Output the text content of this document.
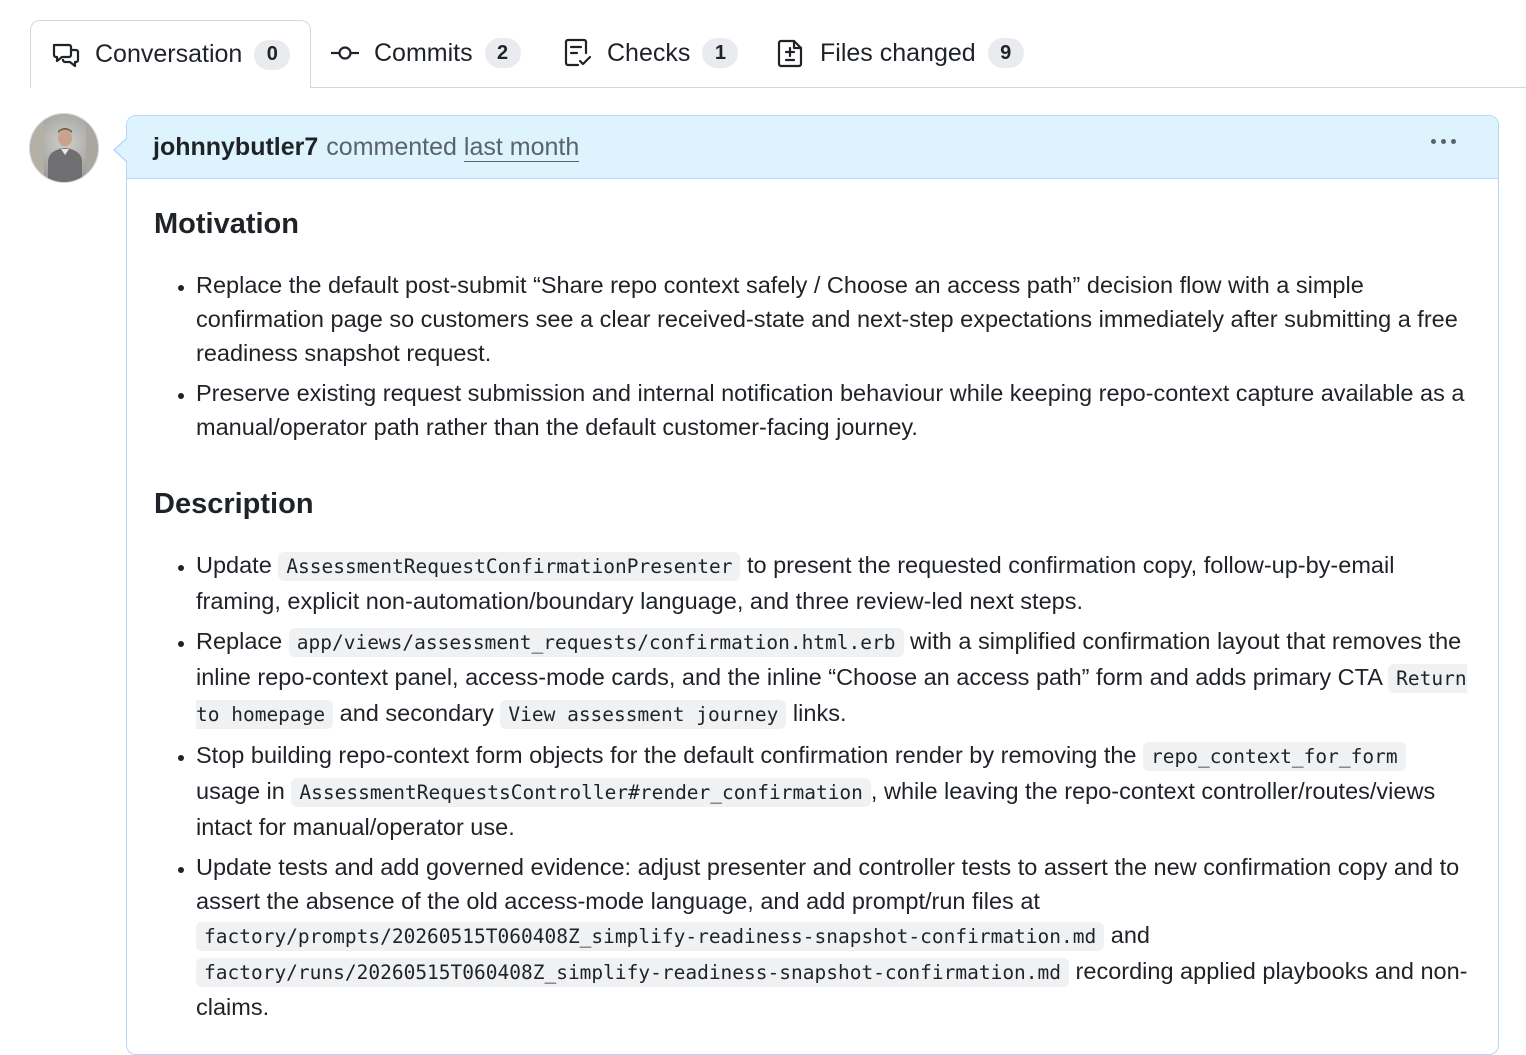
Conversation	0	Commits	2	Checks	1	Files changed	9
johnnybutler7 commented last month
Motivation
• Replace the default post-submit “Share repo context safely / Choose an access path” decision flow with a simple confirmation page so customers see a clear received-state and next-step expectations immediately after submitting a free readiness snapshot request.
• Preserve existing request submission and internal notification behaviour while keeping repo-context capture available as a manual/operator path rather than the default customer-facing journey.
Description
• Update AssessmentRequestConfirmationPresenter to present the requested confirmation copy, follow-up-by-email framing, explicit non-automation/boundary language, and three review-led next steps.
• Replace app/views/assessment_requests/confirmation.html.erb with a simplified confirmation layout that removes the inline repo-context panel, access-mode cards, and the inline “Choose an access path” form and adds primary CTA Return to homepage and secondary View assessment journey links.
• Stop building repo-context form objects for the default confirmation render by removing the repo_context_for_form usage in AssessmentRequestsController#render_confirmation , while leaving the repo-context controller/routes/views intact for manual/operator use.
• Update tests and add governed evidence: adjust presenter and controller tests to assert the new confirmation copy and to assert the absence of the old access-mode language, and add prompt/run files at factory/prompts/20260515T060408Z_simplify-readiness-snapshot-confirmation.md and factory/runs/20260515T060408Z_simplify-readiness-snapshot-confirmation.md recording applied playbooks and non-claims.
